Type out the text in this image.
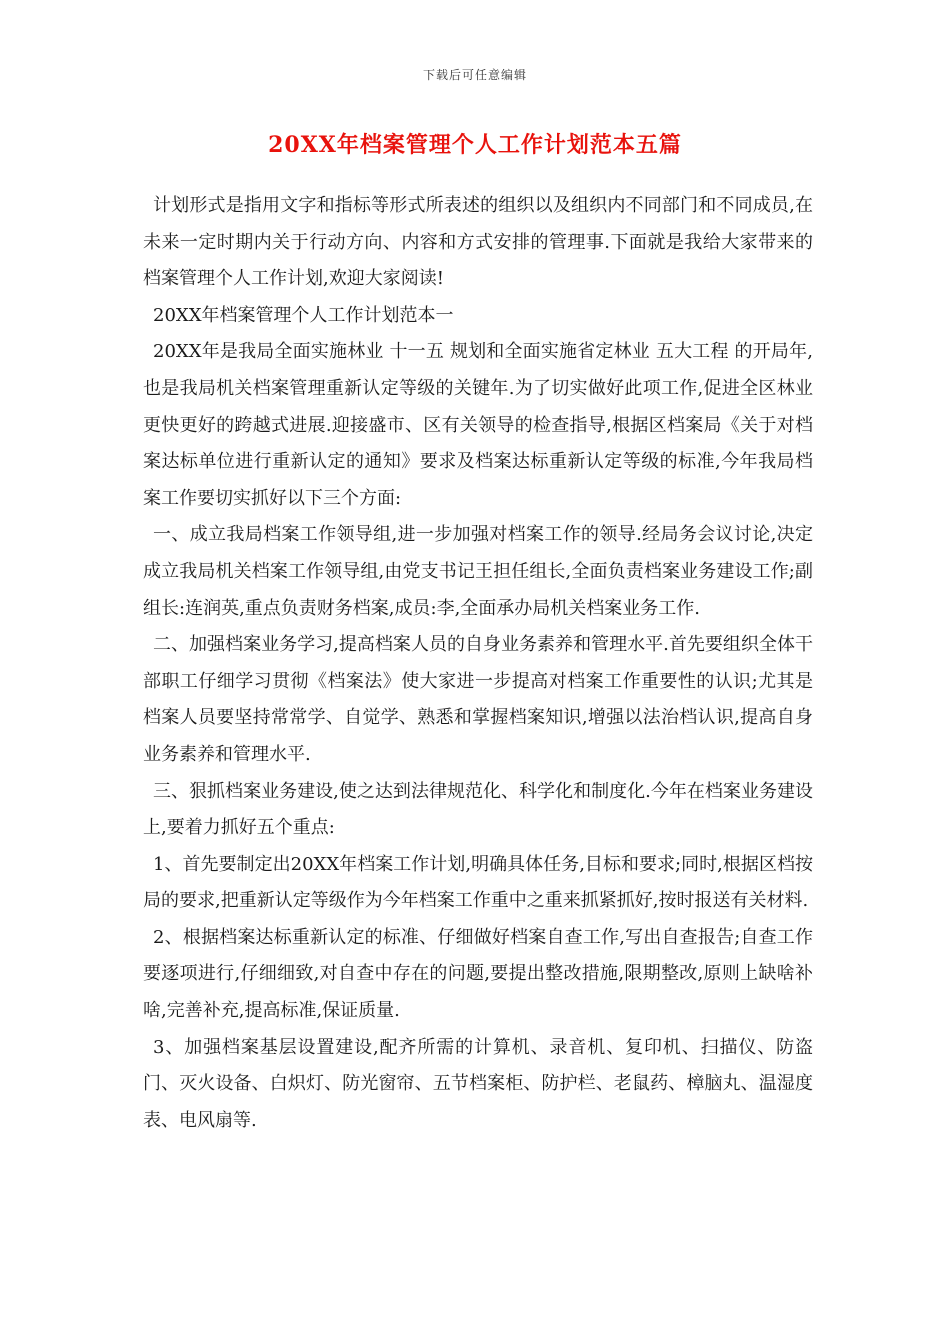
下载后可任意编辑
20XX年档案管理个人工作计划范本五篇

计划形式是指用文字和指标等形式所表述的组织以及组织内不同部门和不同成员,在未来一定时期内关于行动方向、内容和方式安排的管理事.下面就是我给大家带来的档案管理个人工作计划,欢迎大家阅读!

20XX年档案管理个人工作计划范本一

20XX年是我局全面实施林业 十一五 规划和全面实施省定林业 五大工程 的开局年,也是我局机关档案管理重新认定等级的关键年.为了切实做好此项工作,促进全区林业更快更好的跨越式进展.迎接盛市、区有关领导的检查指导,根据区档案局《关于对档案达标单位进行重新认定的通知》要求及档案达标重新认定等级的标准,今年我局档案工作要切实抓好以下三个方面:

一、成立我局档案工作领导组,进一步加强对档案工作的领导.经局务会议讨论,决定成立我局机关档案工作领导组,由党支书记王担任组长,全面负责档案业务建设工作;副组长:连润英,重点负责财务档案,成员:李,全面承办局机关档案业务工作.

二、加强档案业务学习,提高档案人员的自身业务素养和管理水平.首先要组织全体干部职工仔细学习贯彻《档案法》使大家进一步提高对档案工作重要性的认识;尤其是档案人员要坚持常常学、自觉学、熟悉和掌握档案知识,增强以法治档认识,提高自身业务素养和管理水平.

三、狠抓档案业务建设,使之达到法律规范化、科学化和制度化.今年在档案业务建设上,要着力抓好五个重点:

1、首先要制定出20XX年档案工作计划,明确具体任务,目标和要求;同时,根据区档按局的要求,把重新认定等级作为今年档案工作重中之重来抓紧抓好,按时报送有关材料.

2、根据档案达标重新认定的标准、仔细做好档案自查工作,写出自查报告;自查工作要逐项进行,仔细细致,对自查中存在的问题,要提出整改措施,限期整改,原则上缺啥补啥,完善补充,提高标准,保证质量.

3、加强档案基层设置建设,配齐所需的计算机、录音机、复印机、扫描仪、防盗门、灭火设备、白炽灯、防光窗帘、五节档案柜、防护栏、老鼠药、樟脑丸、温湿度表、电风扇等.
